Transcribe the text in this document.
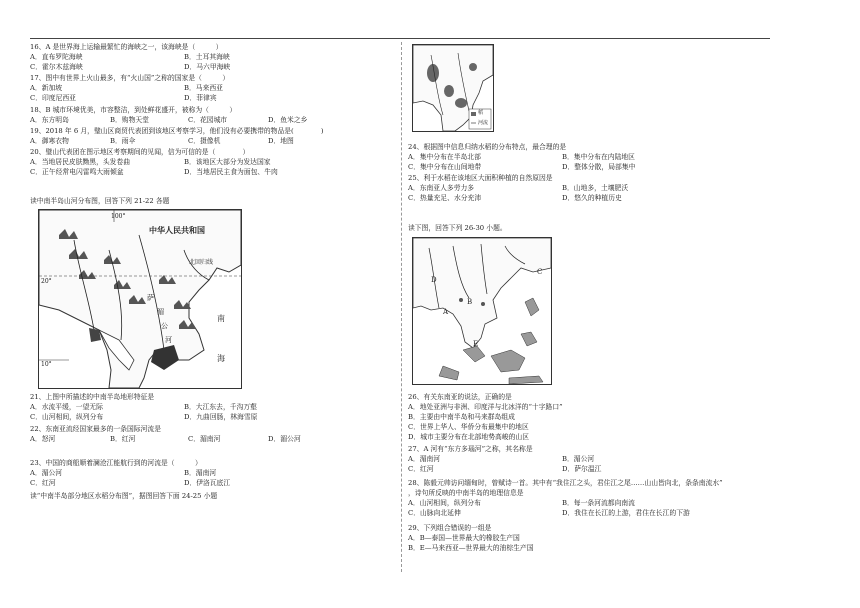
16、A 是世界海上运输最繁忙的海峡之一，该海峡是（　　　）
A．直布罗陀海峡	B．土耳其海峡
C．霍尔木兹海峡	D．马六甲海峡
17、图中有世界上火山最多，有“火山国”之称的国家是（　　　）
A．新加坡	B．马来西亚
C．印度尼西亚	D．菲律宾
18、B 城市环境优美，市容整洁，到处鲜花盛开，被称为（　　　）
A．东方明岛	B．购物天堂	C．花园城市	D．鱼米之乡
19、2018 年 6 月，璧山区商贸代表团到该地区考察学习，他们没有必要携带的物品是(　　　　)
A．御寒衣物	B．雨伞	C．摄像机	D．地图
20、璧山代表团在图示地区考察期间的见闻，信为可信的是（　　　　）
A．当地居民皮肤黝黑，头发卷曲	B．该地区大部分为发达国家
C．正午经常电闪雷鸣大雨倾盆	D．当地居民主食为面包、牛肉
读中南半岛山河分布图，回答下列 21-22 各题
100°
中华人民共和国
北回归线
20°
10°
南
海
萨
湄
公
河
21、上图中所描述的中南半岛地形特征是
A．水流平缓，一望无际	B．大江东去，千沟万壑
C．山河相间，纵列分布	D．九曲回肠，林海雪原
22、东南亚流经国家最多的一条国际河流是
A．怒河	B．红河	C．湄南河	D．湄公河
23、中国的商船顺着澜沧江能航行到的河流是（　　　）
A．湄公河	B．湄南河
C．红河	D．伊洛瓦底江
读“中南半岛部分地区水稻分布图”，据图回答下面 24-25 小题
稻
河流
24、根据图中信息归纳水稻的分布特点，最合理的是
A．集中分布在半岛北部	B．集中分布在内陆地区
C．集中分布在山间地带	D．整体分散，局部集中
25、利于水稻在该地区大面积种植的自然原因是
A．东南亚人多劳力多	B．山地多，土壤肥沃
C．热量充足、水分充沛	D．悠久的种植历史
读下图，回答下列 26-30 小题。
D
B
A
C
E
26、有关东南亚的说法，正确的是
A．地处亚洲与非洲、印度洋与北冰洋的“十字路口”
B．主要由中南半岛和马来群岛组成
C．世界上华人、华侨分布最集中的地区
D．城市主要分布在北部地势高峻的山区
27、A 河有“东方多瑙河”之称，其名称是
A．湄南河	B．湄公河
C．红河	D．萨尔温江
28、陈毅元帅访问缅甸时，曾赋诗一首。其中有“我住江之头，君住江之尾……山山皆向北，条条南流水”
，诗句所反映的中南半岛的地理信息是
A．山河相间，纵列分布	B．每一条河流都向南流
C．山脉向北延伸	D．我住在长江的上游，君住在长江的下游
29、下列组合错误的一组是
A．B—泰国—世界最大的橡胶生产国
B．E—马来西亚—世界最大的油棕生产国
